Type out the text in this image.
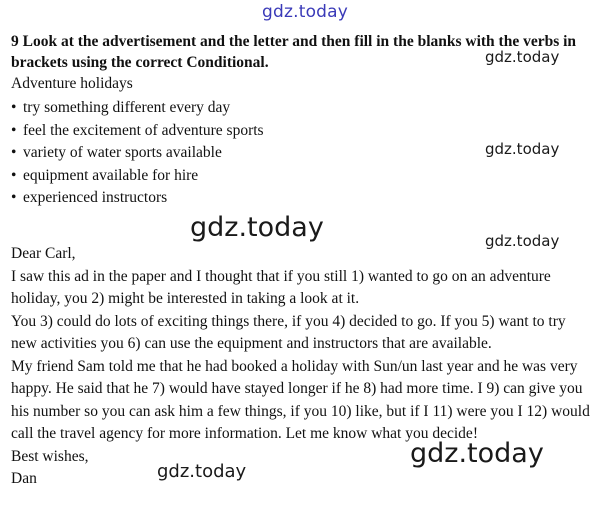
gdz.today
9 Look at the advertisement and the letter and then fill in the blanks with the verbs in brackets using the correct Conditional.
Adventure holidays
• try something different every day
• feel the excitement of adventure sports
• variety of water sports available
• equipment available for hire
• experienced instructors

Dear Carl,

I saw this ad in the paper and I thought that if you still 1) wanted to go on an adventure holiday, you 2) might be interested in taking a look at it.

You 3) could do lots of exciting things there, if you 4) decided to go. If you 5) want to try new activities you 6) can use the equipment and instructors that are available.

My friend Sam told me that he had booked a holiday with Sun/un last year and he was very happy. He said that he 7) would have stayed longer if he 8) had more time. I 9) can give you his number so you can ask him a few things, if you 10) like, but if I 11) were you I 12) would call the travel agency for more information. Let me know what you decide!

Best wishes,

Dan

gdz.today
gdz.today
gdz.today
gdz.today
gdz.today
gdz.today
